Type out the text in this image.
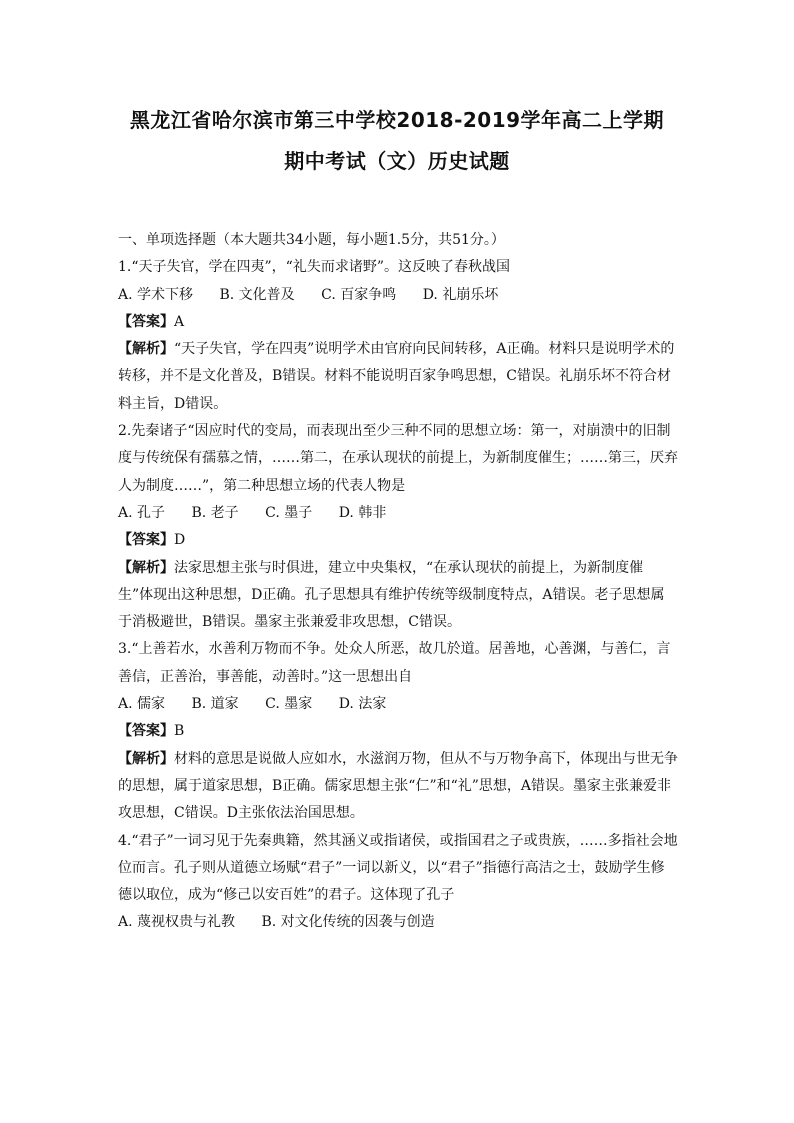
黑龙江省哈尔滨市第三中学校2018-2019学年高二上学期
期中考试（文）历史试题

一、单项选择题（本大题共34小题，每小题1.5分，共51分。）

1.“天子失官，学在四夷”，“礼失而求诸野”。这反映了春秋战国

A. 学术下移 B. 文化普及 C. 百家争鸣 D. 礼崩乐坏

【答案】A

【解析】“天子失官，学在四夷”说明学术由官府向民间转移，A正确。材料只是说明学术的转移，并不是文化普及，B错误。材料不能说明百家争鸣思想，C错误。礼崩乐坏不符合材料主旨，D错误。

2.先秦诸子“因应时代的变局，而表现出至少三种不同的思想立场：第一，对崩溃中的旧制度与传统保有孺慕之情，……第二，在承认现状的前提上，为新制度催生；……第三，厌弃人为制度……”，第二种思想立场的代表人物是

A. 孔子 B. 老子 C. 墨子 D. 韩非

【答案】D

【解析】法家思想主张与时俱进，建立中央集权，“在承认现状的前提上，为新制度催生”体现出这种思想，D正确。孔子思想具有维护传统等级制度特点，A错误。老子思想属于消极避世，B错误。墨家主张兼爱非攻思想，C错误。

3.“上善若水，水善利万物而不争。处众人所恶，故几於道。居善地，心善渊，与善仁，言善信，正善治，事善能，动善时。”这一思想出自

A. 儒家 B. 道家 C. 墨家 D. 法家

【答案】B

【解析】材料的意思是说做人应如水，水滋润万物，但从不与万物争高下，体现出与世无争的思想，属于道家思想，B正确。儒家思想主张“仁”和“礼”思想，A错误。墨家主张兼爱非攻思想，C错误。D主张依法治国思想。

4.“君子”一词习见于先秦典籍，然其涵义或指诸侯，或指国君之子或贵族，……多指社会地位而言。孔子则从道德立场赋“君子”一词以新义，以“君子”指德行高洁之士，鼓励学生修德以取位，成为“修己以安百姓”的君子。这体现了孔子

A. 蔑视权贵与礼教 B. 对文化传统的因袭与创造
